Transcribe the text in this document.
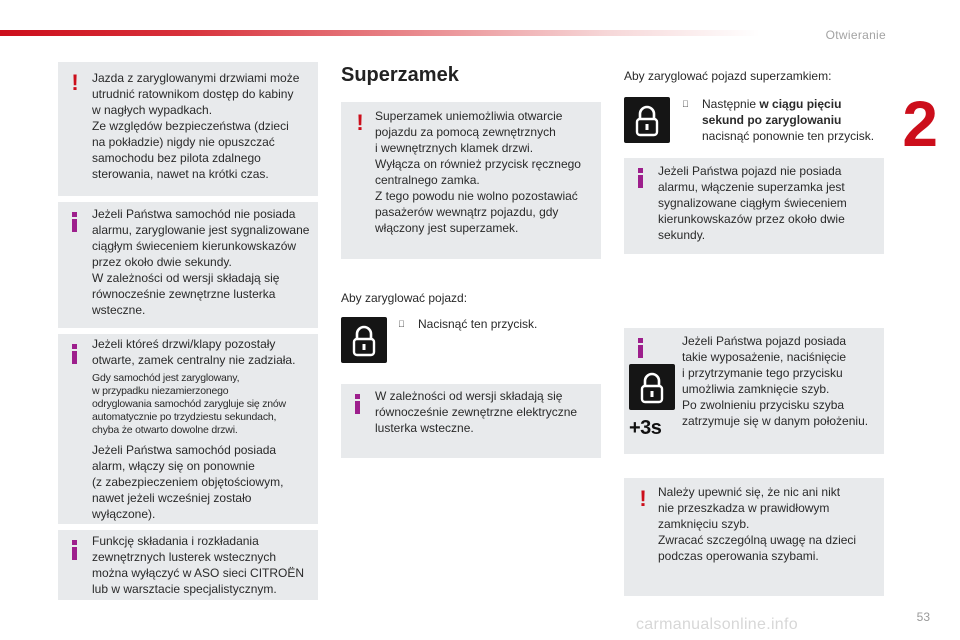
Otwieranie
2
! Jazda z zaryglowanymi drzwiami może
utrudnić ratownikom dostęp do kabiny
w nagłych wypadkach.
Ze względów bezpieczeństwa (dzieci
na pokładzie) nigdy nie opuszczać
samochodu bez pilota zdalnego
sterowania, nawet na krótki czas.
Jeżeli Państwa samochód nie posiada
alarmu, zaryglowanie jest sygnalizowane
ciągłym świeceniem kierunkowskazów
przez około dwie sekundy.
W zależności od wersji składają się
równocześnie zewnętrzne lusterka
wsteczne.
Jeżeli któreś drzwi/klapy pozostały
otwarte, zamek centralny nie zadziała.
Gdy samochód jest zaryglowany,
w przypadku niezamierzonego
odryglowania samochód zarygluje się znów
automatycznie po trzydziestu sekundach,
chyba że otwarto dowolne drzwi.
Jeżeli Państwa samochód posiada
alarm, włączy się on ponownie
(z zabezpieczeniem objętościowym,
nawet jeżeli wcześniej zostało
wyłączone).
Funkcję składania i rozkładania
zewnętrznych lusterek wstecznych
można wyłączyć w ASO sieci CITROËN
lub w warsztacie specjalistycznym.
Superzamek
! Superzamek uniemożliwia otwarcie
pojazdu za pomocą zewnętrznych
i wewnętrznych klamek drzwi.
Wyłącza on również przycisk ręcznego
centralnego zamka.
Z tego powodu nie wolno pozostawiać
pasażerów wewnątrz pojazdu, gdy
włączony jest superzamek.
Aby zaryglować pojazd:
Nacisnąć ten przycisk.
W zależności od wersji składają się
równocześnie zewnętrzne elektryczne
lusterka wsteczne.
Aby zaryglować pojazd superzamkiem:
Następnie w ciągu pięciu
sekund po zaryglowaniu
nacisnąć ponownie ten przycisk.
Jeżeli Państwa pojazd nie posiada
alarmu, włączenie superzamka jest
sygnalizowane ciągłym świeceniem
kierunkowskazów przez około dwie
sekundy.
Jeżeli Państwa pojazd posiada
takie wyposażenie, naciśnięcie
i przytrzymanie tego przycisku
umożliwia zamknięcie szyb.
Po zwolnieniu przycisku szyba
zatrzymuje się w danym położeniu.
+3s
! Należy upewnić się, że nic ani nikt
nie przeszkadza w prawidłowym
zamknięciu szyb.
Zwracać szczególną uwagę na dzieci
podczas operowania szybami.
53
carmanualsonline.info
